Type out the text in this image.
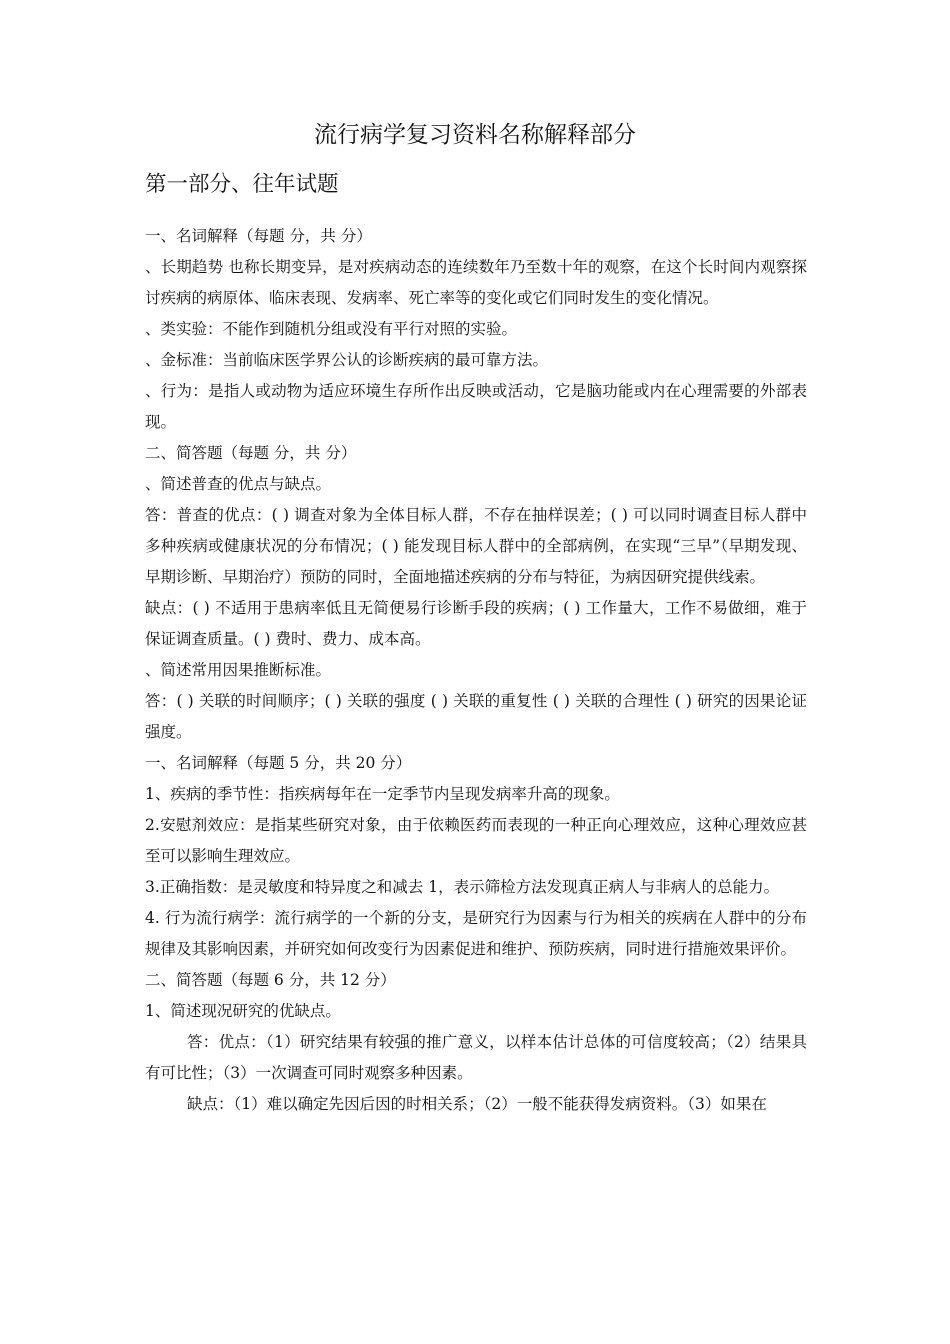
流行病学复习资料名称解释部分
第一部分、往年试题

一、名词解释（每题 分，共 分）

、长期趋势 也称长期变异，是对疾病动态的连续数年乃至数十年的观察，在这个长时间内观察探讨疾病的病原体、临床表现、发病率、死亡率等的变化或它们同时发生的变化情况。

、类实验：不能作到随机分组或没有平行对照的实验。

、金标准：当前临床医学界公认的诊断疾病的最可靠方法。

、行为：是指人或动物为适应环境生存所作出反映或活动，它是脑功能或内在心理需要的外部表现。

二、简答题（每题 分，共 分）

、简述普查的优点与缺点。

答：普查的优点：( ) 调查对象为全体目标人群，不存在抽样误差；( ) 可以同时调查目标人群中多种疾病或健康状况的分布情况；( ) 能发现目标人群中的全部病例，在实现“三早”（早期发现、早期诊断、早期治疗）预防的同时，全面地描述疾病的分布与特征，为病因研究提供线索。

缺点：( ) 不适用于患病率低且无简便易行诊断手段的疾病；( ) 工作量大，工作不易做细，难于保证调查质量。( ) 费时、费力、成本高。

、简述常用因果推断标准。

答：( ) 关联的时间顺序；( ) 关联的强度 ( ) 关联的重复性 ( ) 关联的合理性 ( ) 研究的因果论证强度。

一、名词解释（每题 5 分，共 20 分）

1、疾病的季节性：指疾病每年在一定季节内呈现发病率升高的现象。

2.安慰剂效应：是指某些研究对象，由于依赖医药而表现的一种正向心理效应，这种心理效应甚至可以影响生理效应。

3.正确指数：是灵敏度和特异度之和减去 1，表示筛检方法发现真正病人与非病人的总能力。

4. 行为流行病学：流行病学的一个新的分支，是研究行为因素与行为相关的疾病在人群中的分布规律及其影响因素，并研究如何改变行为因素促进和维护、预防疾病，同时进行措施效果评价。

二、简答题（每题 6 分，共 12 分）

1、简述现况研究的优缺点。

答：优点：（1）研究结果有较强的推广意义，以样本估计总体的可信度较高；（2）结果具有可比性；（3）一次调查可同时观察多种因素。

缺点：（1）难以确定先因后因的时相关系；（2）一般不能获得发病资料。（3）如果在
